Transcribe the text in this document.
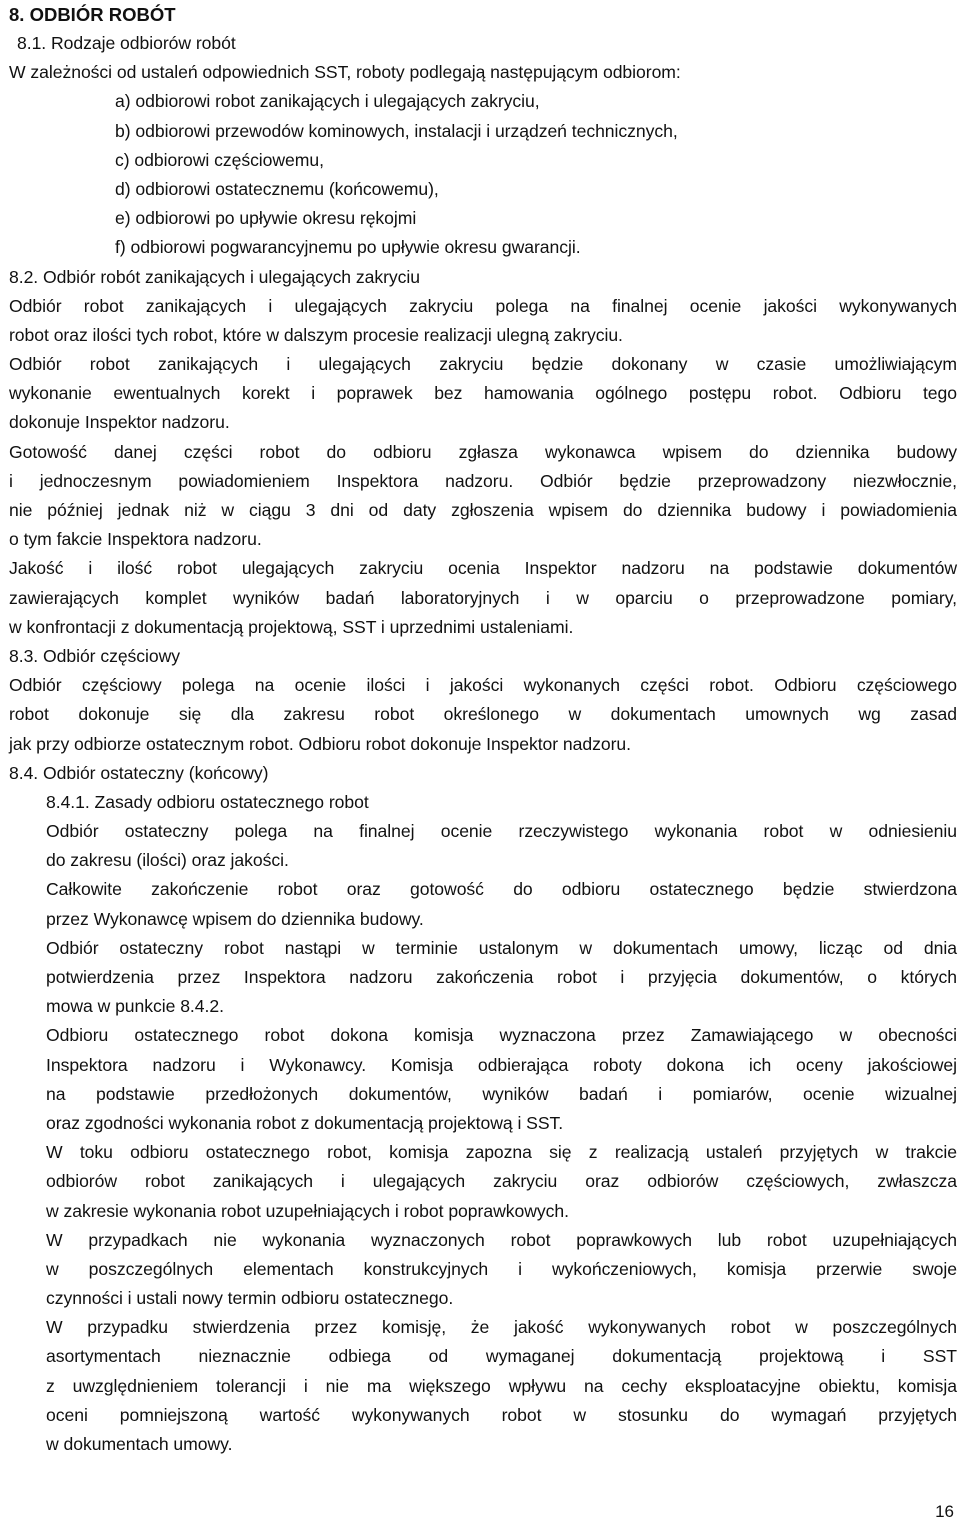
8. ODBIÓR ROBÓT
8.1. Rodzaje odbiorów robót
W zależności od ustaleń odpowiednich SST, roboty podlegają następującym odbiorom:
a) odbiorowi robot zanikających i ulegających zakryciu,
b) odbiorowi przewodów kominowych, instalacji i urządzeń technicznych,
c) odbiorowi częściowemu,
d) odbiorowi ostatecznemu (końcowemu),
e) odbiorowi po upływie okresu rękojmi
f) odbiorowi pogwarancyjnemu po upływie okresu gwarancji.
8.2. Odbiór robót zanikających i ulegających zakryciu
Odbiór robot zanikających i ulegających zakryciu polega na finalnej ocenie jakości wykonywanych
robot oraz ilości tych robot, które w dalszym procesie realizacji ulegną zakryciu.
Odbiór robot zanikających i ulegających zakryciu będzie dokonany w czasie umożliwiającym
wykonanie ewentualnych korekt i poprawek bez hamowania ogólnego postępu robot. Odbioru tego
dokonuje Inspektor nadzoru.
Gotowość danej części robot do odbioru zgłasza wykonawca wpisem do dziennika budowy
i jednoczesnym powiadomieniem Inspektora nadzoru. Odbiór będzie przeprowadzony niezwłocznie,
nie później jednak niż w ciągu 3 dni od daty zgłoszenia wpisem do dziennika budowy i powiadomienia
o tym fakcie Inspektora nadzoru.
Jakość i ilość robot ulegających zakryciu ocenia Inspektor nadzoru na podstawie dokumentów
zawierających komplet wyników badań laboratoryjnych i w oparciu o przeprowadzone pomiary,
w konfrontacji z dokumentacją projektową, SST i uprzednimi ustaleniami.
8.3. Odbiór częściowy
Odbiór częściowy polega na ocenie ilości i jakości wykonanych części robot. Odbioru częściowego
robot dokonuje się dla zakresu robot określonego w dokumentach umownych wg zasad
jak przy odbiorze ostatecznym robot. Odbioru robot dokonuje Inspektor nadzoru.
8.4. Odbiór ostateczny (końcowy)
8.4.1. Zasady odbioru ostatecznego robot
Odbiór ostateczny polega na finalnej ocenie rzeczywistego wykonania robot w odniesieniu
do zakresu (ilości) oraz jakości.
Całkowite zakończenie robot oraz gotowość do odbioru ostatecznego będzie stwierdzona
przez Wykonawcę wpisem do dziennika budowy.
Odbiór ostateczny robot nastąpi w terminie ustalonym w dokumentach umowy, licząc od dnia
potwierdzenia przez Inspektora nadzoru zakończenia robot i przyjęcia dokumentów, o których
mowa w punkcie 8.4.2.
Odbioru ostatecznego robot dokona komisja wyznaczona przez Zamawiającego w obecności
Inspektora nadzoru i Wykonawcy. Komisja odbierająca roboty dokona ich oceny jakościowej
na podstawie przedłożonych dokumentów, wyników badań i pomiarów, ocenie wizualnej
oraz zgodności wykonania robot z dokumentacją projektową i SST.
W toku odbioru ostatecznego robot, komisja zapozna się z realizacją ustaleń przyjętych w trakcie
odbiorów robot zanikających i ulegających zakryciu oraz odbiorów częściowych, zwłaszcza
w zakresie wykonania robot uzupełniających i robot poprawkowych.
W przypadkach nie wykonania wyznaczonych robot poprawkowych lub robot uzupełniających
w poszczególnych elementach konstrukcyjnych i wykończeniowych, komisja przerwie swoje
czynności i ustali nowy termin odbioru ostatecznego.
W przypadku stwierdzenia przez komisję, że jakość wykonywanych robot w poszczególnych
asortymentach nieznacznie odbiega od wymaganej dokumentacją projektową i SST
z uwzględnieniem tolerancji i nie ma większego wpływu na cechy eksploatacyjne obiektu, komisja
oceni pomniejszoną wartość wykonywanych robot w stosunku do wymagań przyjętych
w dokumentach umowy.
16
